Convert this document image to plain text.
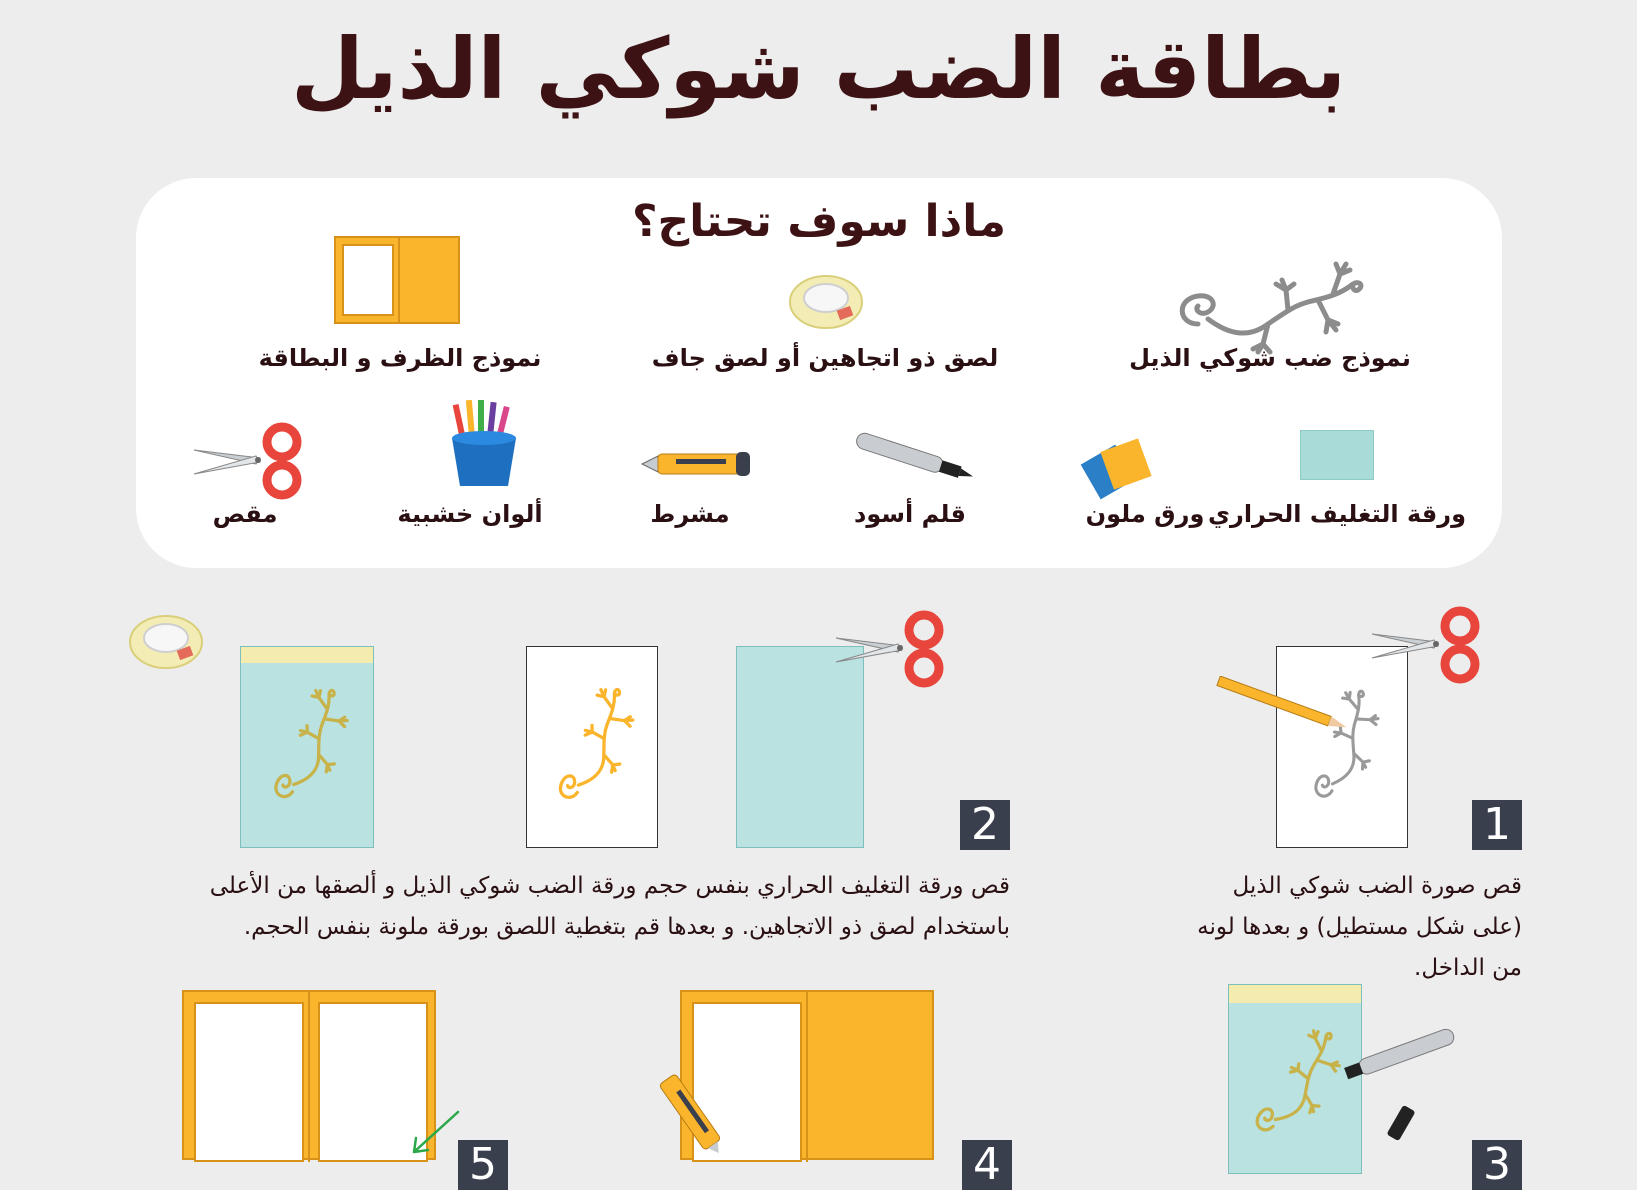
بطاقة الضب شوكي الذيل
ماذا سوف تحتاج؟
نموذج ضب شوكي الذيل
لصق ذو اتجاهين أو لصق جاف
نموذج الظرف و البطاقة
ورقة التغليف الحراري
ورق ملون
قلم أسود
مشرط
ألوان خشبية
مقص
1
قص صورة الضب شوكي الذيل
(على شكل مستطيل) و بعدها لونه
من الداخل.
2
قص ورقة التغليف الحراري بنفس حجم ورقة الضب شوكي الذيل و ألصقها من الأعلى
باستخدام لصق ذو الاتجاهين. و بعدها قم بتغطية اللصق بورقة ملونة بنفس الحجم.
3
4
5
